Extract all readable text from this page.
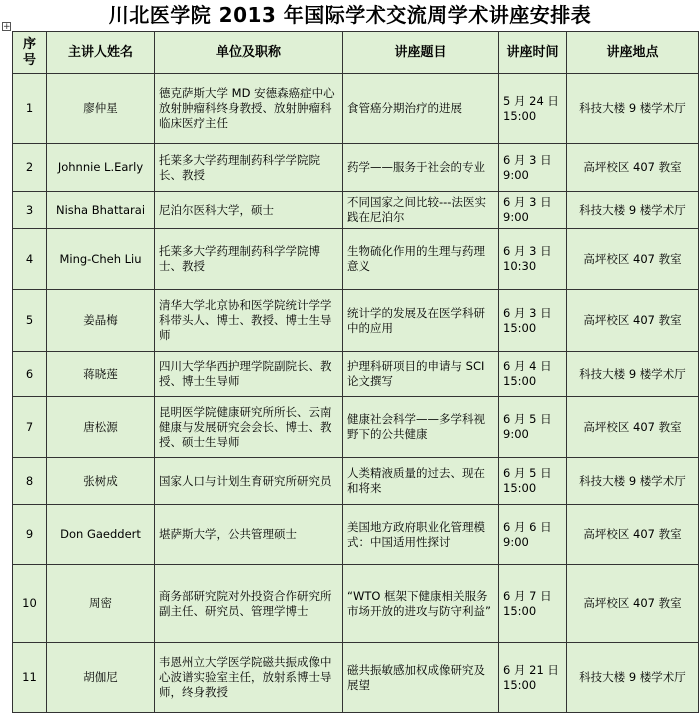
川北医学院 2013 年国际学术交流周学术讲座安排表
+
序号	主讲人姓名	单位及职称	讲座题目	讲座时间	讲座地点
1	廖仲星	德克萨斯大学 MD 安德森癌症中心放射肿瘤科终身教授、放射肿瘤科临床医疗主任	食管癌分期治疗的进展	5 月 24 日
15:00	科技大楼 9 楼学术厅
2	Johnnie L.Early	托莱多大学药理制药科学学院院长、教授	药学——服务于社会的专业	6 月 3 日
9:00	高坪校区 407 教室
3	Nisha Bhattarai	尼泊尔医科大学，硕士	不同国家之间比较---法医实践在尼泊尔	6 月 3 日
9:00	科技大楼 9 楼学术厅
4	Ming-Cheh Liu	托莱多大学药理制药科学学院博士、教授	生物硫化作用的生理与药理意义	6 月 3 日
10:30	高坪校区 407 教室
5	姜晶梅	清华大学北京协和医学院统计学学科带头人、博士、教授、博士生导师	统计学的发展及在医学科研中的应用	6 月 3 日
15:00	高坪校区 407 教室
6	蒋晓莲	四川大学华西护理学院副院长、教授、博士生导师	护理科研项目的申请与 SCI 论文撰写	6 月 4 日
15:00	科技大楼 9 楼学术厅
7	唐松源	昆明医学院健康研究所所长、云南健康与发展研究会会长、博士、教授、硕士生导师	健康社会科学——多学科视野下的公共健康	6 月 5 日
9:00	高坪校区 407 教室
8	张树成	国家人口与计划生育研究所研究员	人类精液质量的过去、现在和将来	6 月 5 日
15:00	科技大楼 9 楼学术厅
9	Don Gaeddert	堪萨斯大学，公共管理硕士	美国地方政府职业化管理模式：中国适用性探讨	6 月 6 日
9:00	高坪校区 407 教室
10	周密	商务部研究院对外投资合作研究所副主任、研究员、管理学博士	“WTO 框架下健康相关服务市场开放的进攻与防守利益”	6 月 7 日
15:00	高坪校区 407 教室
11	胡伽尼	韦恩州立大学医学院磁共振成像中心波谱实验室主任，放射系博士导师，终身教授	磁共振敏感加权成像研究及展望	6 月 21 日
15:00	科技大楼 9 楼学术厅
